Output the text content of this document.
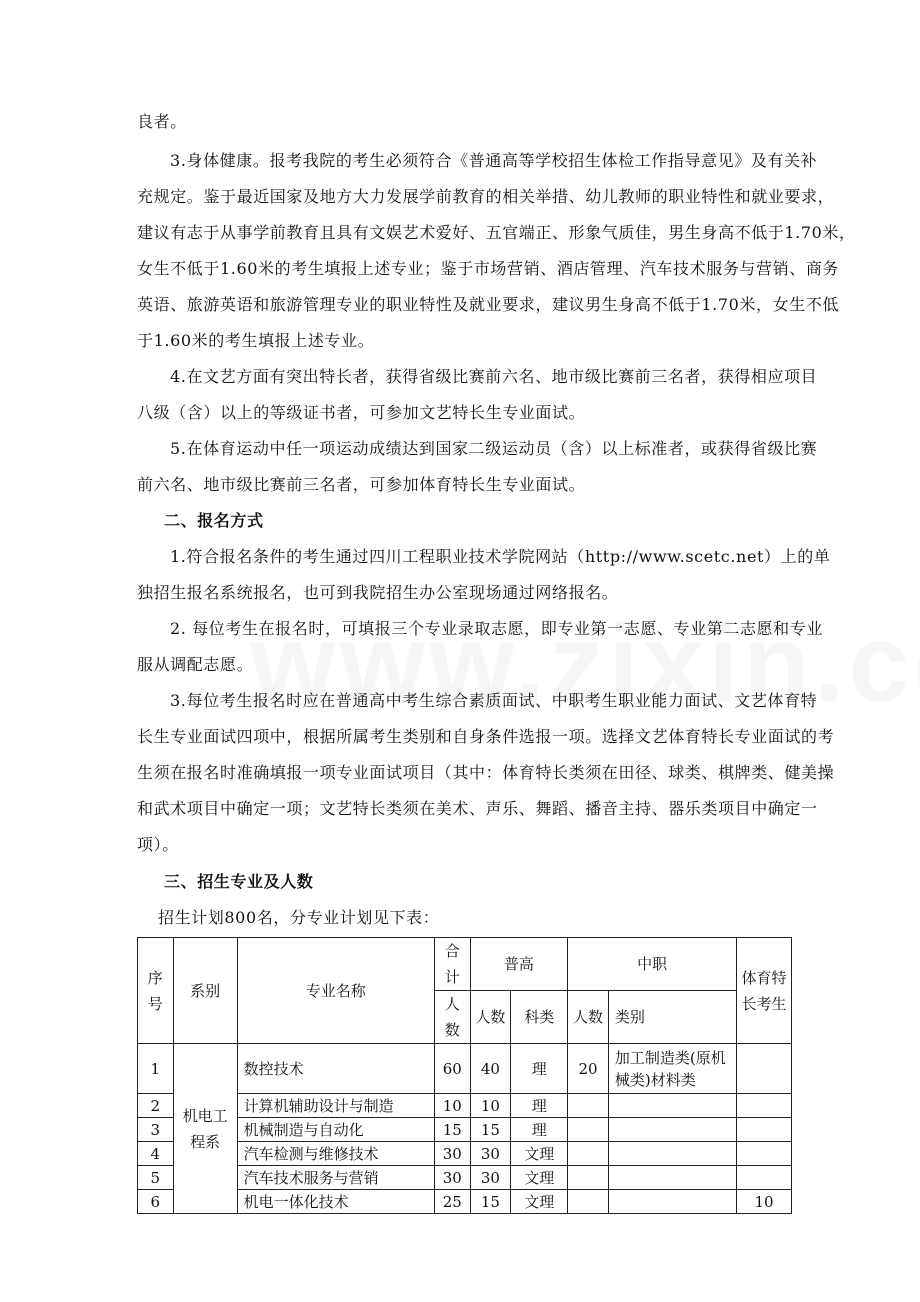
良者。
3.身体健康。报考我院的考生必须符合《普通高等学校招生体检工作指导意见》及有关补
充规定。鉴于最近国家及地方大力发展学前教育的相关举措、幼儿教师的职业特性和就业要求，
建议有志于从事学前教育且具有文娱艺术爱好、五官端正、形象气质佳，男生身高不低于1.70米，
女生不低于1.60米的考生填报上述专业；鉴于市场营销、酒店管理、汽车技术服务与营销、商务
英语、旅游英语和旅游管理专业的职业特性及就业要求，建议男生身高不低于1.70米，女生不低
于1.60米的考生填报上述专业。
4.在文艺方面有突出特长者，获得省级比赛前六名、地市级比赛前三名者，获得相应项目
八级（含）以上的等级证书者，可参加文艺特长生专业面试。
5.在体育运动中任一项运动成绩达到国家二级运动员（含）以上标准者，或获得省级比赛
前六名、地市级比赛前三名者，可参加体育特长生专业面试。
二、报名方式
1.符合报名条件的考生通过四川工程职业技术学院网站（http://www.scetc.net）上的单
独招生报名系统报名，也可到我院招生办公室现场通过网络报名。
2. 每位考生在报名时，可填报三个专业录取志愿，即专业第一志愿、专业第二志愿和专业
服从调配志愿。
3.每位考生报名时应在普通高中考生综合素质面试、中职考生职业能力面试、文艺体育特
长生专业面试四项中，根据所属考生类别和自身条件选报一项。选择文艺体育特长专业面试的考
生须在报名时准确填报一项专业面试项目（其中：体育特长类须在田径、球类、棋牌类、健美操
和武术项目中确定一项；文艺特长类须在美术、声乐、舞蹈、播音主持、器乐类项目中确定一
项）。
三、招生专业及人数
招生计划800名，分专业计划见下表：
序号	系别	专业名称	合计	普高		中职		体育特长考生
			人数	人数	科类	人数	类别	
1	机电工程系	数控技术	60	40	理	20	加工制造类(原机械类)材料类	
2		计算机辅助设计与制造	10	10	理			
3		机械制造与自动化	15	15	理			
4		汽车检测与维修技术	30	30	文理			
5		汽车技术服务与营销	30	30	文理			
6		机电一体化技术	25	15	文理			10
